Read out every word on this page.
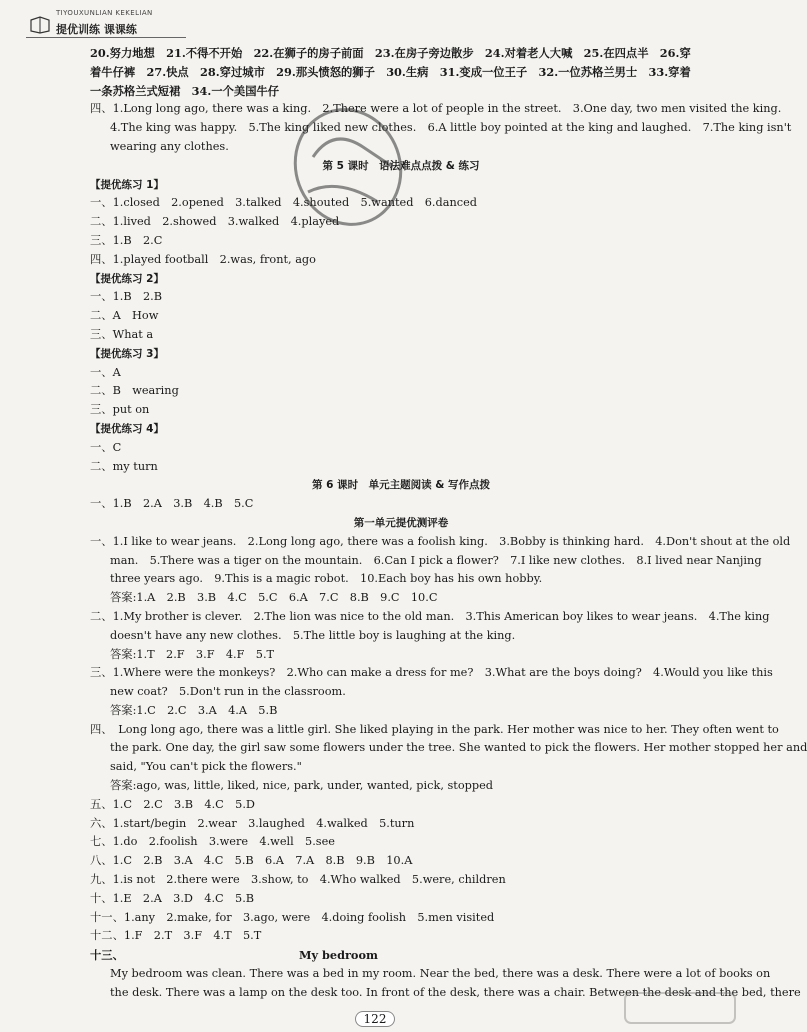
TIYOUXUNLIAN KEKELIAN
提优训练 课课练
20.努力地想　21.不得不开始　22.在狮子的房子前面　23.在房子旁边散步　24.对着老人大喊　25.在四点半　26.穿
着牛仔裤　27.快点　28.穿过城市　29.那头愤怒的狮子　30.生病　31.变成一位王子　32.一位苏格兰男士　33.穿着
一条苏格兰式短裙　34.一个美国牛仔
四、1.Long long ago, there was a king.　2.There were a lot of people in the street.　3.One day, two men visited the king.
4.The king was happy.　5.The king liked new clothes.　6.A little boy pointed at the king and laughed.　7.The king isn't
wearing any clothes.
第 5 课时　语法难点点拨 & 练习
【提优练习 1】
一、1.closed　2.opened　3.talked　4.shouted　5.wanted　6.danced
二、1.lived　2.showed　3.walked　4.played
三、1.B　2.C
四、1.played football　2.was, front, ago
【提优练习 2】
一、1.B　2.B
二、A　How
三、What a
【提优练习 3】
一、A
二、B　wearing
三、put on
【提优练习 4】
一、C
二、my turn
第 6 课时　单元主题阅读 & 写作点拨
一、1.B　2.A　3.B　4.B　5.C
第一单元提优测评卷
一、1.I like to wear jeans.　2.Long long ago, there was a foolish king.　3.Bobby is thinking hard.　4.Don't shout at the old
man.　5.There was a tiger on the mountain.　6.Can I pick a flower?　7.I like new clothes.　8.I lived near Nanjing
three years ago.　9.This is a magic robot.　10.Each boy has his own hobby.
答案:1.A　2.B　3.B　4.C　5.C　6.A　7.C　8.B　9.C　10.C
二、1.My brother is clever.　2.The lion was nice to the old man.　3.This American boy likes to wear jeans.　4.The king
doesn't have any new clothes.　5.The little boy is laughing at the king.
答案:1.T　2.F　3.F　4.F　5.T
三、1.Where were the monkeys?　2.Who can make a dress for me?　3.What are the boys doing?　4.Would you like this
new coat?　5.Don't run in the classroom.
答案:1.C　2.C　3.A　4.A　5.B
四、　Long long ago, there was a little girl. She liked playing in the park. Her mother was nice to her. They often went to
the park. One day, the girl saw some flowers under the tree. She wanted to pick the flowers. Her mother stopped her and
said, "You can't pick the flowers."
答案:ago, was, little, liked, nice, park, under, wanted, pick, stopped
五、1.C　2.C　3.B　4.C　5.D
六、1.start/begin　2.wear　3.laughed　4.walked　5.turn
七、1.do　2.foolish　3.were　4.well　5.see
八、1.C　2.B　3.A　4.C　5.B　6.A　7.A　8.B　9.B　10.A
九、1.is not　2.there were　3.show, to　4.Who walked　5.were, children
十、1.E　2.A　3.D　4.C　5.B
十一、1.any　2.make, for　3.ago, were　4.doing foolish　5.men visited
十二、1.F　2.T　3.F　4.T　5.T
十三、　　　　　　　　　　　　　　　　My bedroom
My bedroom was clean. There was a bed in my room. Near the bed, there was a desk. There were a lot of books on
the desk. There was a lamp on the desk too. In front of the desk, there was a chair. Between the desk and the bed, there
122
